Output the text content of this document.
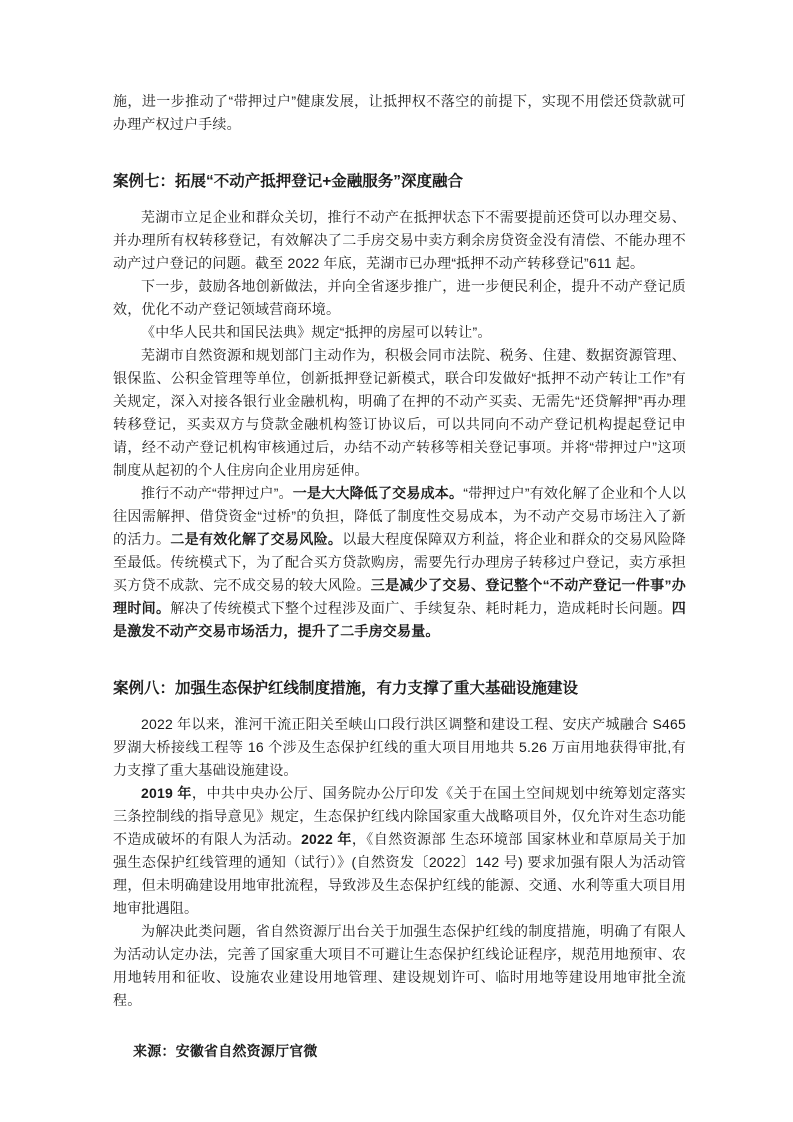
施，进一步推动了“带押过户”健康发展，让抵押权不落空的前提下，实现不用偿还贷款就可办理产权过户手续。

案例七：拓展“不动产抵押登记+金融服务”深度融合

芜湖市立足企业和群众关切，推行不动产在抵押状态下不需要提前还贷可以办理交易、并办理所有权转移登记，有效解决了二手房交易中卖方剩余房贷资金没有清偿、不能办理不动产过户登记的问题。截至 2022 年底，芜湖市已办理“抵押不动产转移登记”611 起。

下一步，鼓励各地创新做法，并向全省逐步推广，进一步便民利企，提升不动产登记质效，优化不动产登记领域营商环境。

《中华人民共和国民法典》规定“抵押的房屋可以转让”。

芜湖市自然资源和规划部门主动作为，积极会同市法院、税务、住建、数据资源管理、银保监、公积金管理等单位，创新抵押登记新模式，联合印发做好“抵押不动产转让工作”有关规定，深入对接各银行业金融机构，明确了在押的不动产买卖、无需先“还贷解押”再办理转移登记，买卖双方与贷款金融机构签订协议后，可以共同向不动产登记机构提起登记申请，经不动产登记机构审核通过后，办结不动产转移等相关登记事项。并将“带押过户”这项制度从起初的个人住房向企业用房延伸。

推行不动产“带押过户”。一是大大降低了交易成本。“带押过户”有效化解了企业和个人以往因需解押、借贷资金“过桥”的负担，降低了制度性交易成本，为不动产交易市场注入了新的活力。二是有效化解了交易风险。以最大程度保障双方利益，将企业和群众的交易风险降至最低。传统模式下，为了配合买方贷款购房，需要先行办理房子转移过户登记，卖方承担买方贷不成款、完不成交易的较大风险。三是减少了交易、登记整个“不动产登记一件事”办理时间。解决了传统模式下整个过程涉及面广、手续复杂、耗时耗力，造成耗时长问题。四是激发不动产交易市场活力，提升了二手房交易量。

案例八：加强生态保护红线制度措施，有力支撑了重大基础设施建设

2022 年以来，淮河干流正阳关至峡山口段行洪区调整和建设工程、安庆产城融合 S465 罗湖大桥接线工程等 16 个涉及生态保护红线的重大项目用地共 5.26 万亩用地获得审批,有力支撑了重大基础设施建设。

2019 年，中共中央办公厅、国务院办公厅印发《关于在国土空间规划中统筹划定落实三条控制线的指导意见》规定，生态保护红线内除国家重大战略项目外，仅允许对生态功能不造成破坏的有限人为活动。2022 年，《自然资源部 生态环境部 国家林业和草原局关于加强生态保护红线管理的通知（试行）》(自然资发〔2022〕142 号) 要求加强有限人为活动管理，但未明确建设用地审批流程，导致涉及生态保护红线的能源、交通、水利等重大项目用地审批遇阻。

为解决此类问题，省自然资源厅出台关于加强生态保护红线的制度措施，明确了有限人为活动认定办法，完善了国家重大项目不可避让生态保护红线论证程序，规范用地预审、农用地转用和征收、设施农业建设用地管理、建设规划许可、临时用地等建设用地审批全流程。

来源：安徽省自然资源厅官微
